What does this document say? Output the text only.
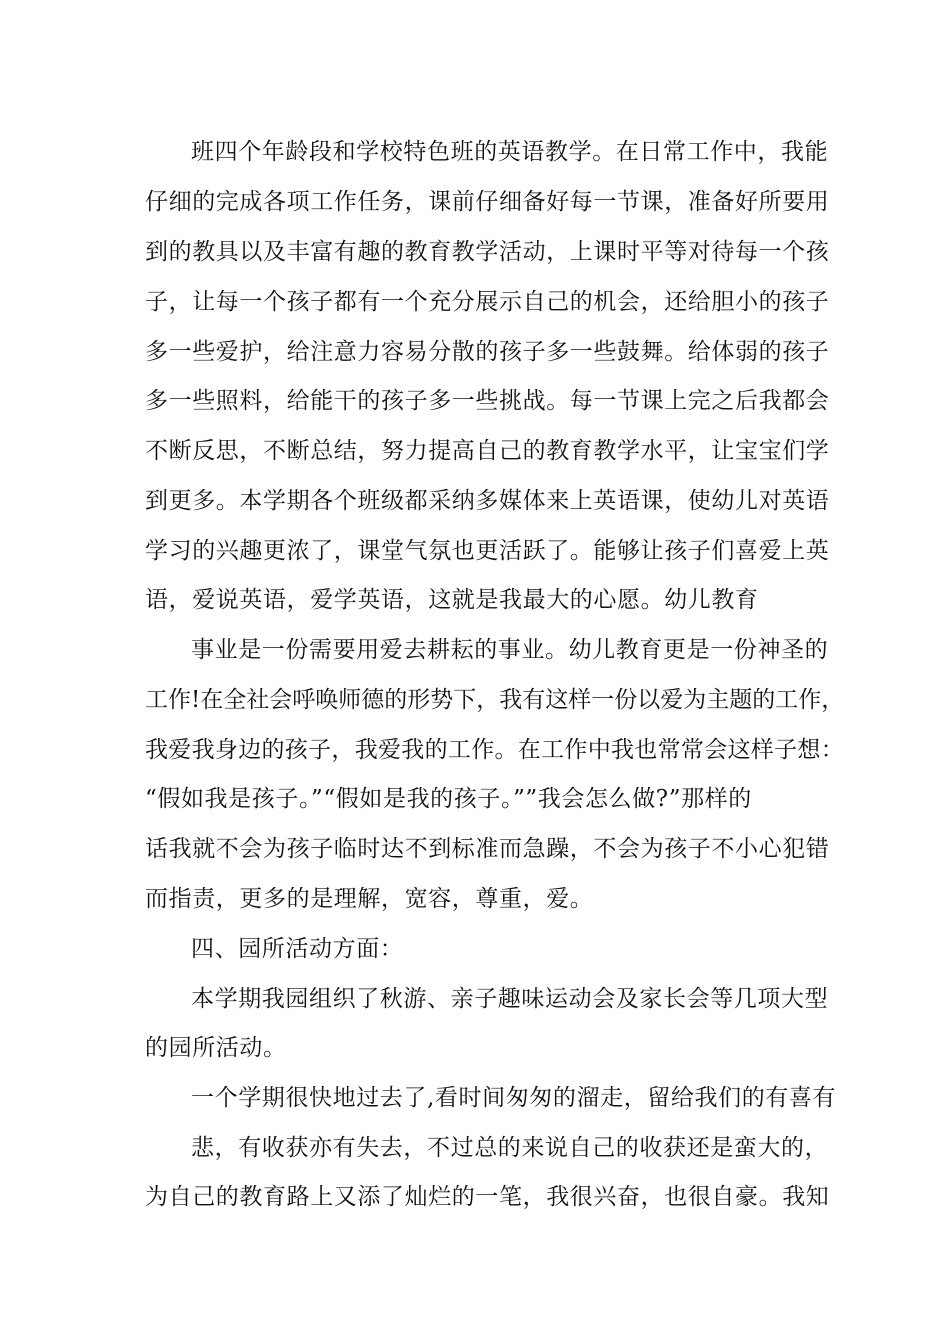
班四个年龄段和学校特色班的英语教学。在日常工作中，我能
仔细的完成各项工作任务，课前仔细备好每一节课，准备好所要用
到的教具以及丰富有趣的教育教学活动，上课时平等对待每一个孩
子，让每一个孩子都有一个充分展示自己的机会，还给胆小的孩子
多一些爱护，给注意力容易分散的孩子多一些鼓舞。给体弱的孩子
多一些照料，给能干的孩子多一些挑战。每一节课上完之后我都会
不断反思，不断总结，努力提高自己的教育教学水平，让宝宝们学
到更多。本学期各个班级都采纳多媒体来上英语课，使幼儿对英语
学习的兴趣更浓了，课堂气氛也更活跃了。能够让孩子们喜爱上英
语，爱说英语，爱学英语，这就是我最大的心愿。幼儿教育
事业是一份需要用爱去耕耘的事业。幼儿教育更是一份神圣的
工作!在全社会呼唤师德的形势下，我有这样一份以爱为主题的工作，
我爱我身边的孩子，我爱我的工作。在工作中我也常常会这样子想：
“假如我是孩子。”“假如是我的孩子。””我会怎么做?”那样的
话我就不会为孩子临时达不到标准而急躁，不会为孩子不小心犯错
而指责，更多的是理解，宽容，尊重，爱。
四、园所活动方面：
本学期我园组织了秋游、亲子趣味运动会及家长会等几项大型
的园所活动。
一个学期很快地过去了,看时间匆匆的溜走，留给我们的有喜有
悲，有收获亦有失去，不过总的来说自己的收获还是蛮大的，
为自己的教育路上又添了灿烂的一笔，我很兴奋，也很自豪。我知
